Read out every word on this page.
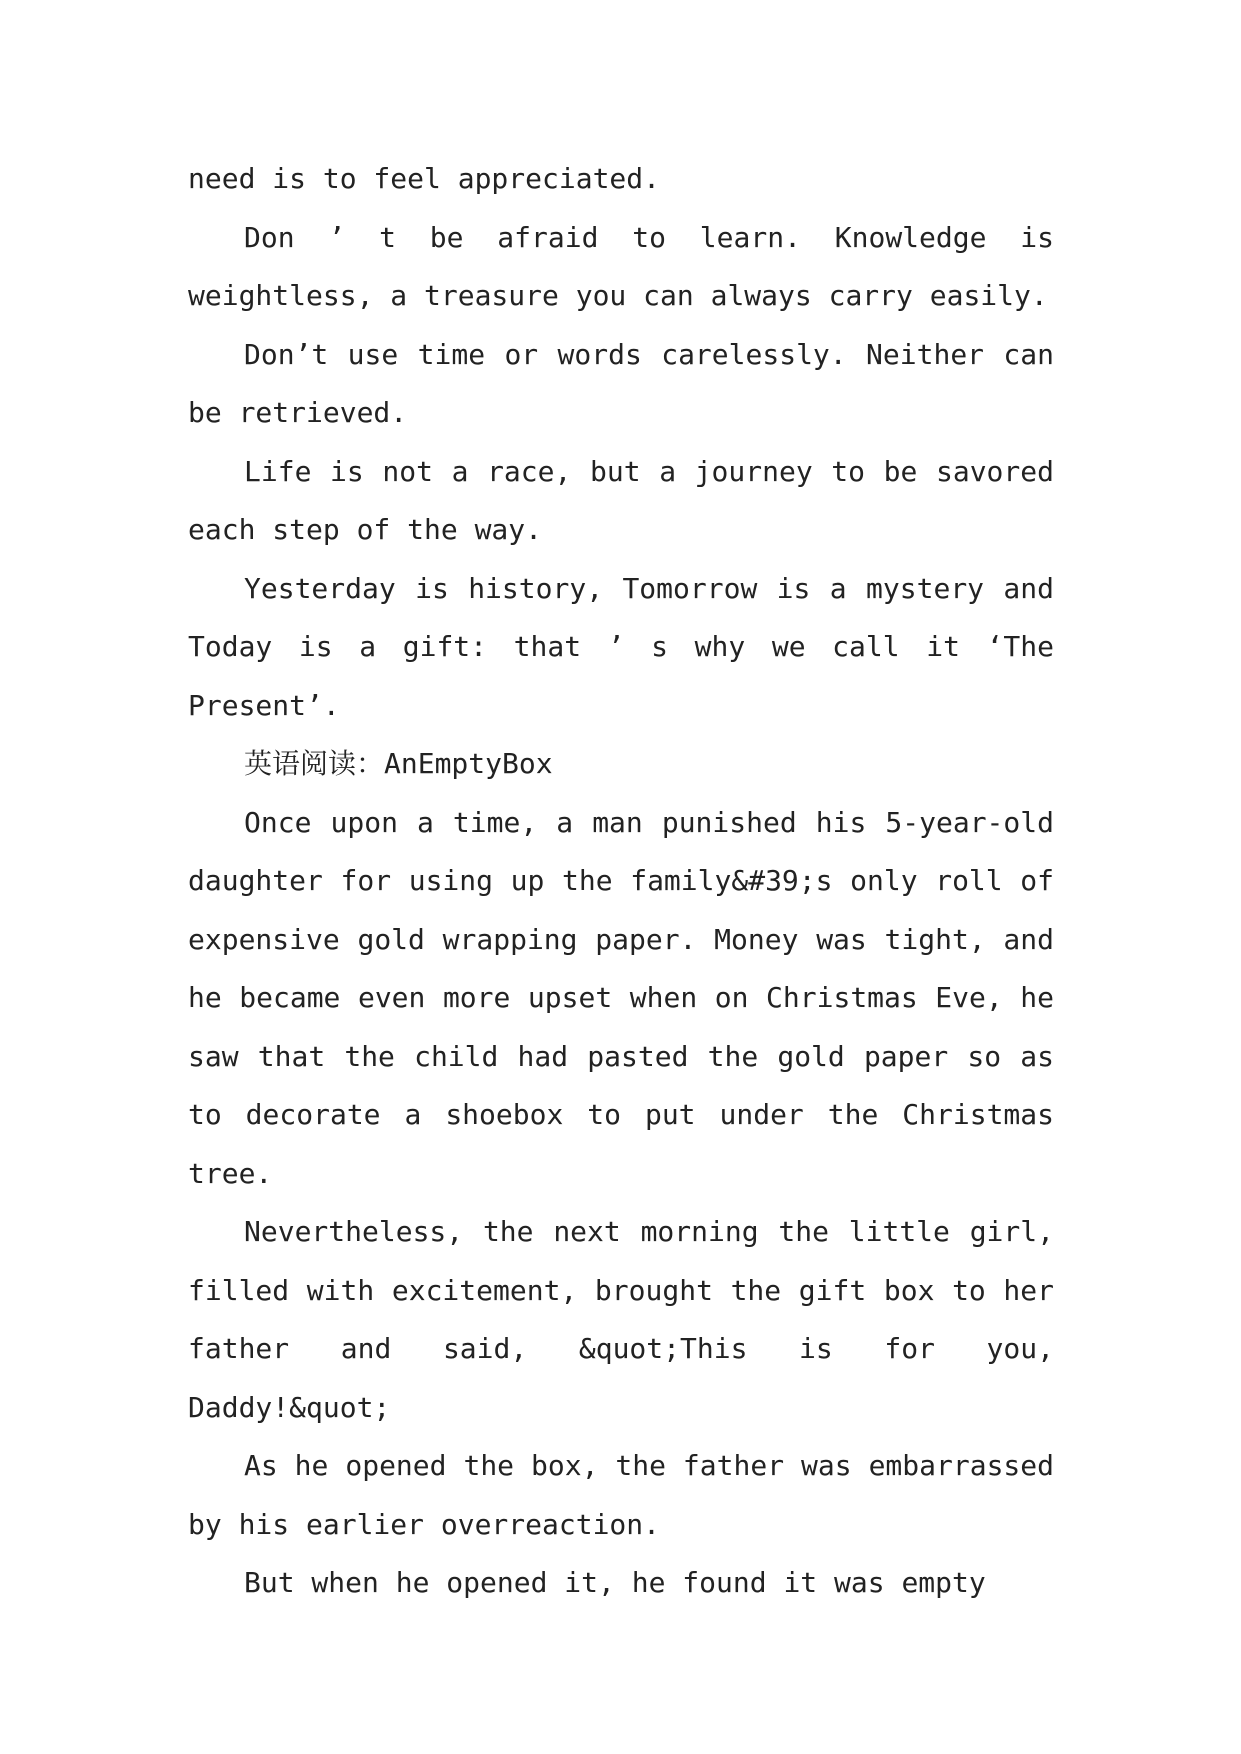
need is to feel appreciated.

Don ’ t be afraid to learn. Knowledge is weightless, a treasure you can always carry easily.

Don’t use time or words carelessly. Neither can be retrieved.

Life is not a race, but a journey to be savored each step of the way.

Yesterday is history, Tomorrow is a mystery and Today is a gift: that ’ s why we call it ‘The Present’.

英语阅读：AnEmptyBox

Once upon a time, a man punished his 5-year-old daughter for using up the family&#39;s only roll of expensive gold wrapping paper. Money was tight, and he became even more upset when on Christmas Eve, he saw that the child had pasted the gold paper so as to decorate a shoebox to put under the Christmas tree.

Nevertheless, the next morning the little girl, filled with excitement, brought the gift box to her father and said, &quot;This is for you, Daddy!&quot;

As he opened the box, the father was embarrassed by his earlier overreaction.

But when he opened it, he found it was empty
